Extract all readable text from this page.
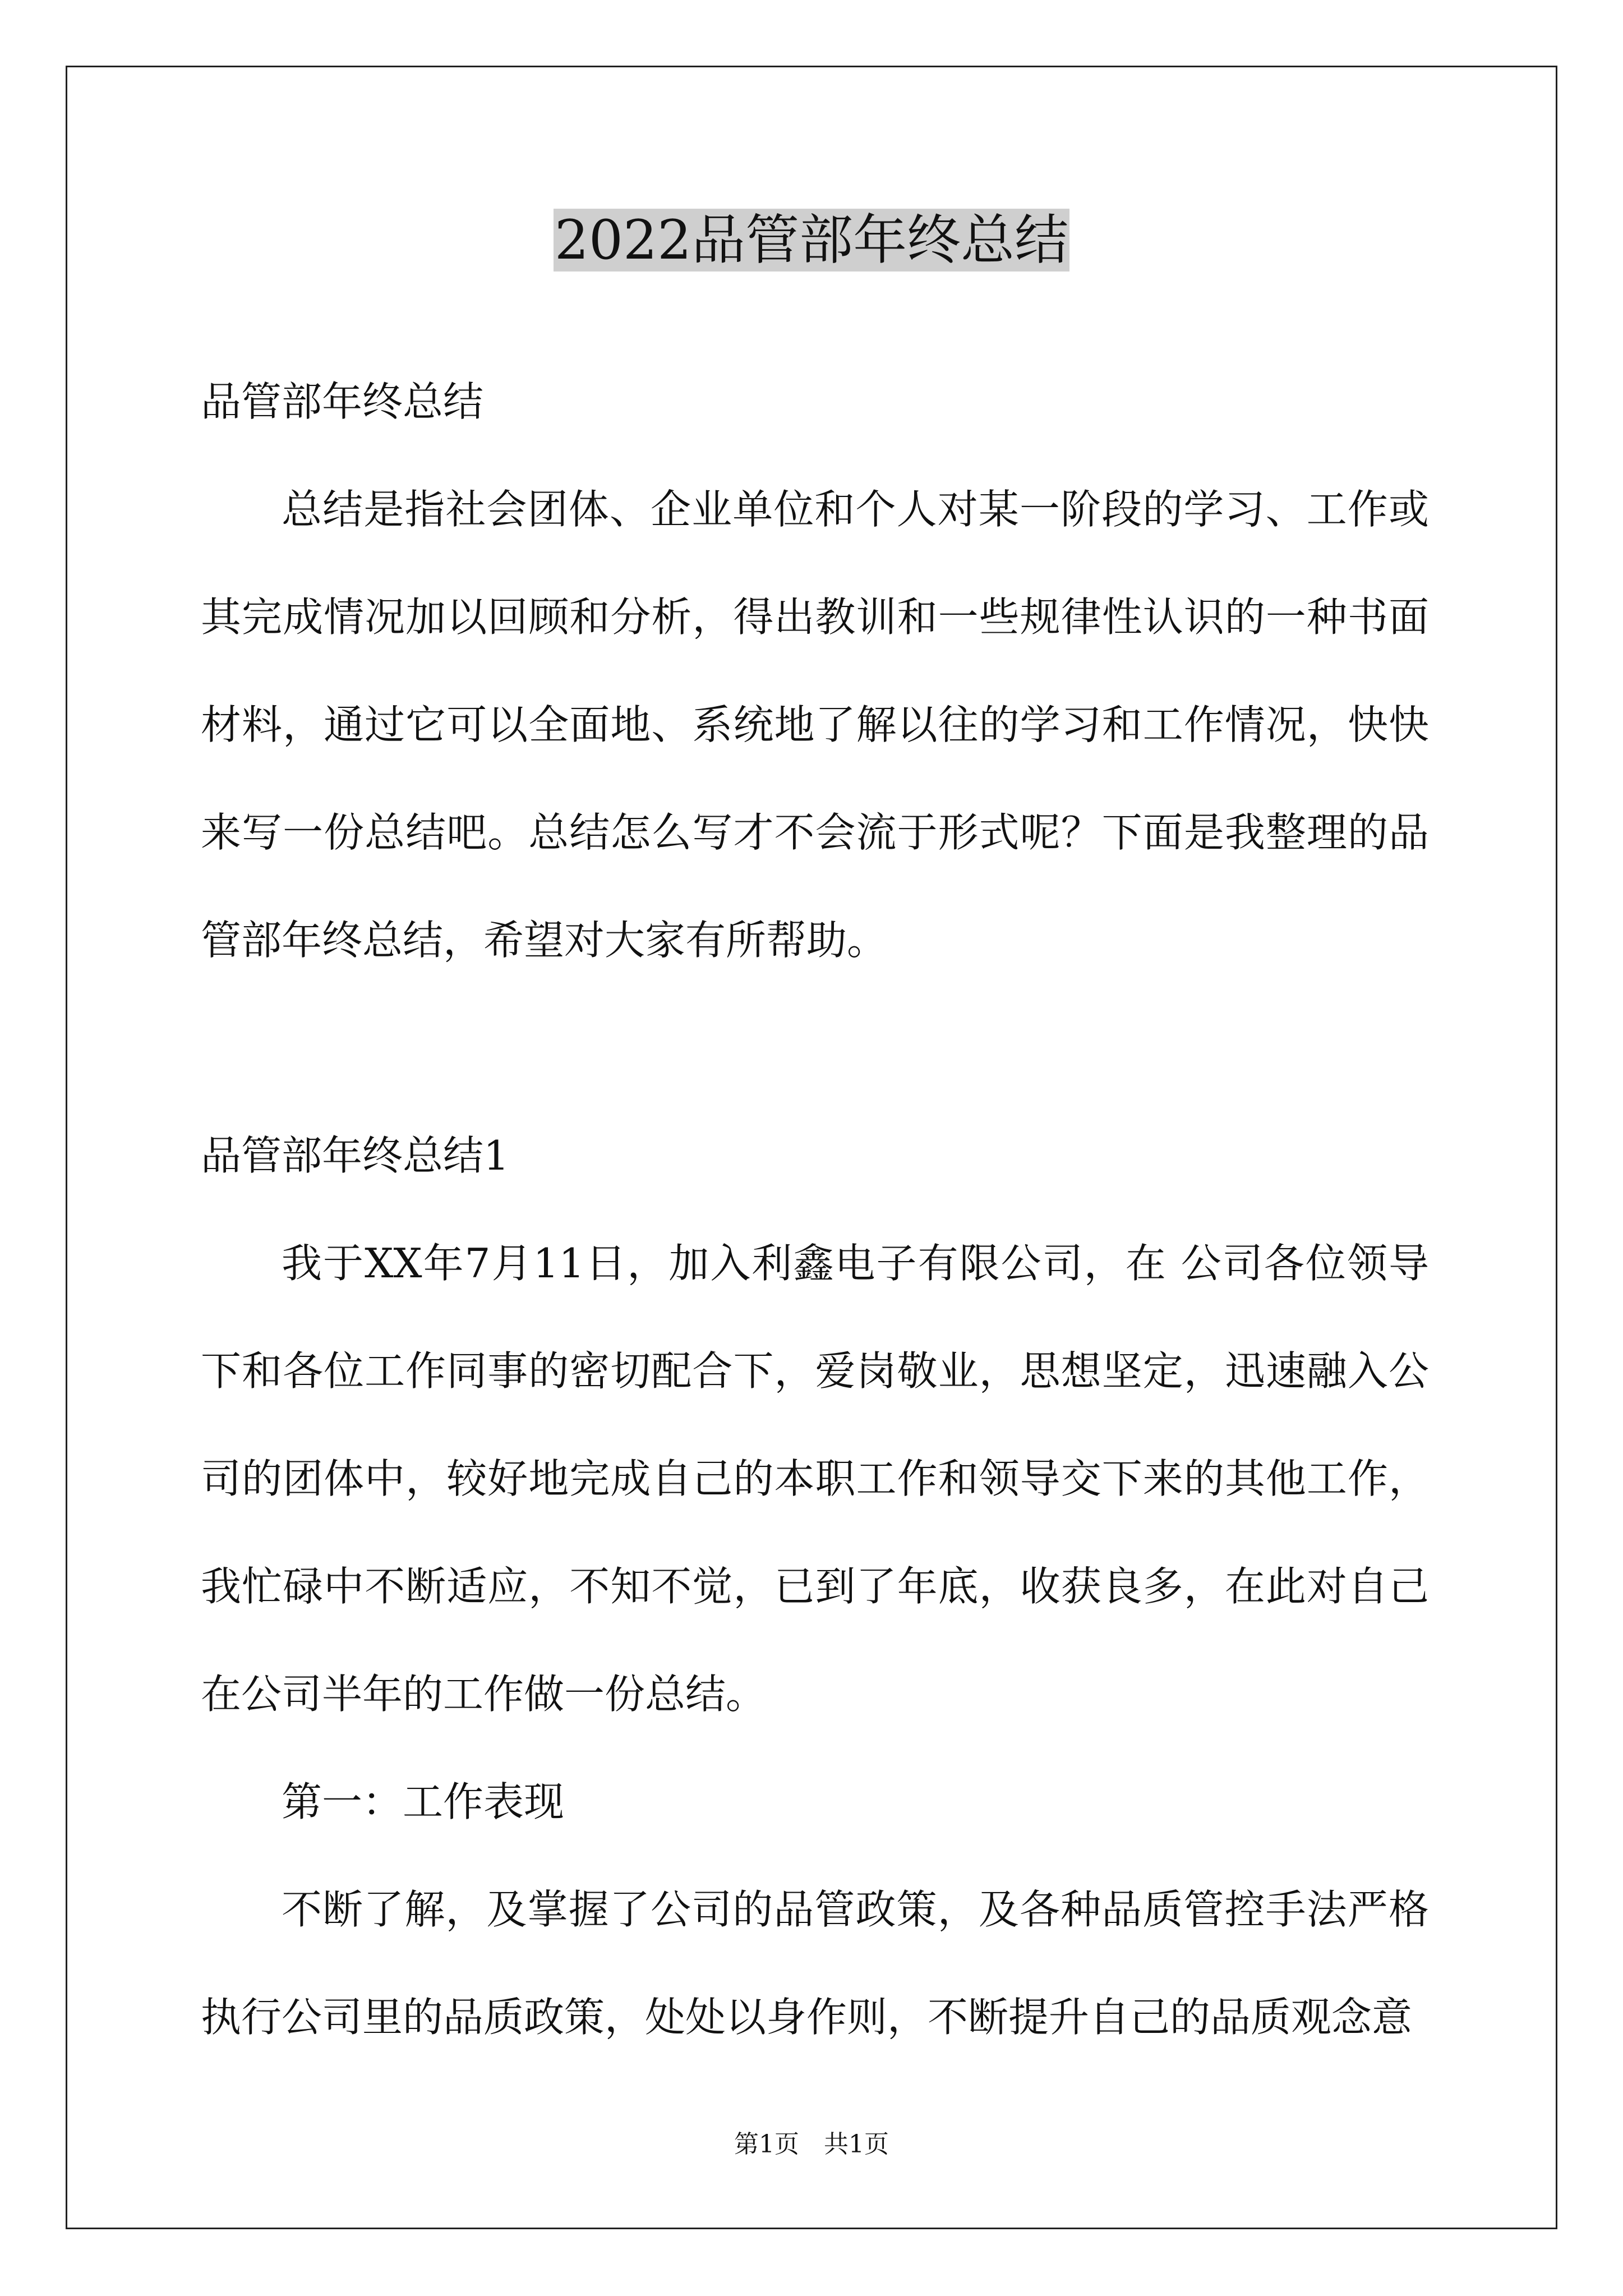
2022品管部年终总结

品管部年终总结

总结是指社会团体、企业单位和个人对某一阶段的学习、工作或其完成情况加以回顾和分析，得出教训和一些规律性认识的一种书面材料，通过它可以全面地、系统地了解以往的学习和工作情况，快快来写一份总结吧。总结怎么写才不会流于形式呢？下面是我整理的品管部年终总结，希望对大家有所帮助。

品管部年终总结1

我于XX年7月11日，加入利鑫电子有限公司，在 公司各位领导下和各位工作同事的密切配合下，爱岗敬业，思想坚定，迅速融入公司的团体中，较好地完成自己的本职工作和领导交下来的其他工作，我忙碌中不断适应，不知不觉，已到了年底，收获良多，在此对自己在公司半年的工作做一份总结。

第一：工作表现

不断了解，及掌握了公司的品管政策，及各种品质管控手法严格执行公司里的品质政策，处处以身作则，不断提升自己的品质观念意

第1页　共1页
